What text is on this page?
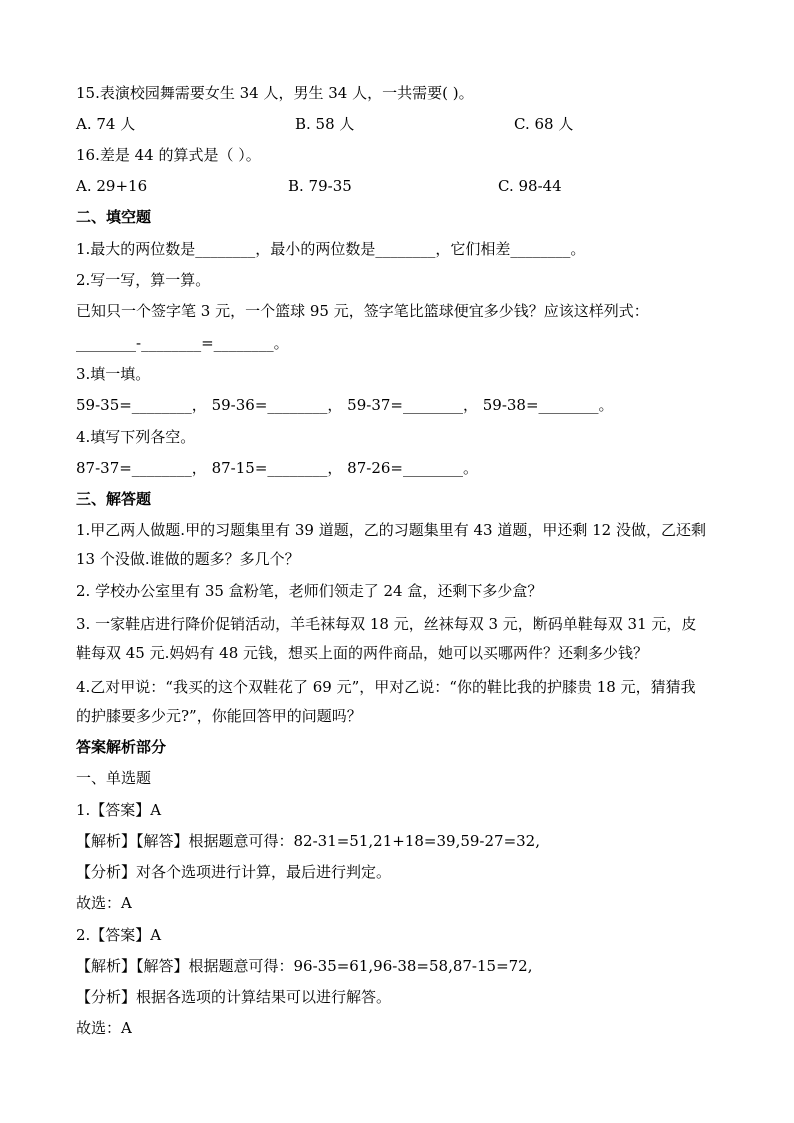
15.表演校园舞需要女生 34 人，男生 34 人，一共需要( )。
A. 74 人	B. 58 人	C. 68 人
16.差是 44 的算式是（ ）。
A. 29+16	B. 79-35	C. 98-44
二、填空题
1.最大的两位数是________，最小的两位数是________，它们相差________。
2.写一写，算一算。
已知只一个签字笔 3 元，一个篮球 95 元，签字笔比篮球便宜多少钱？应该这样列式：
________-________=________。
3.填一填。
59-35=________， 59-36=________， 59-37=________， 59-38=________。
4.填写下列各空。
87-37=________， 87-15=________， 87-26=________。
三、解答题
1.甲乙两人做题.甲的习题集里有 39 道题，乙的习题集里有 43 道题，甲还剩 12 没做，乙还剩
13 个没做.谁做的题多？多几个？
2. 学校办公室里有 35 盒粉笔，老师们领走了 24 盒，还剩下多少盒？
3. 一家鞋店进行降价促销活动，羊毛袜每双 18 元，丝袜每双 3 元，断码单鞋每双 31 元，皮
鞋每双 45 元.妈妈有 48 元钱，想买上面的两件商品，她可以买哪两件？还剩多少钱？
4.乙对甲说：“我买的这个双鞋花了 69 元”，甲对乙说：“你的鞋比我的护膝贵 18 元，猜猜我
的护膝要多少元?”，你能回答甲的问题吗？
答案解析部分
一、单选题
1.【答案】A
【解析】【解答】根据题意可得：82-31=51,21+18=39,59-27=32,
【分析】对各个选项进行计算，最后进行判定。
故选：A
2.【答案】A
【解析】【解答】根据题意可得：96-35=61,96-38=58,87-15=72,
【分析】根据各选项的计算结果可以进行解答。
故选：A
